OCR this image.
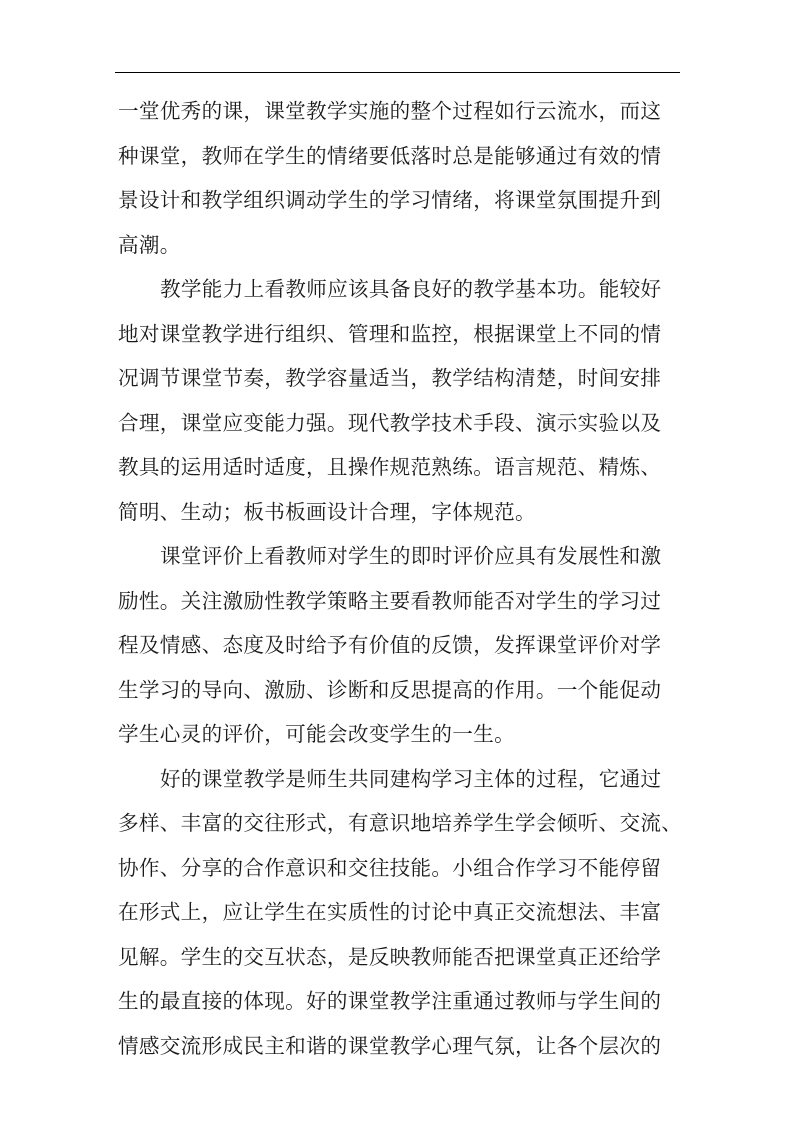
一堂优秀的课，课堂教学实施的整个过程如行云流水，而这
种课堂，教师在学生的情绪要低落时总是能够通过有效的情
景设计和教学组织调动学生的学习情绪，将课堂氛围提升到
高潮。
教学能力上看教师应该具备良好的教学基本功。能较好
地对课堂教学进行组织、管理和监控，根据课堂上不同的情
况调节课堂节奏，教学容量适当，教学结构清楚，时间安排
合理，课堂应变能力强。现代教学技术手段、演示实验以及
教具的运用适时适度，且操作规范熟练。语言规范、精炼、
简明、生动；板书板画设计合理，字体规范。
课堂评价上看教师对学生的即时评价应具有发展性和激
励性。关注激励性教学策略主要看教师能否对学生的学习过
程及情感、态度及时给予有价值的反馈，发挥课堂评价对学
生学习的导向、激励、诊断和反思提高的作用。一个能促动
学生心灵的评价，可能会改变学生的一生。
好的课堂教学是师生共同建构学习主体的过程，它通过
多样、丰富的交往形式，有意识地培养学生学会倾听、交流、
协作、分享的合作意识和交往技能。小组合作学习不能停留
在形式上，应让学生在实质性的讨论中真正交流想法、丰富
见解。学生的交互状态，是反映教师能否把课堂真正还给学
生的最直接的体现。好的课堂教学注重通过教师与学生间的
情感交流形成民主和谐的课堂教学心理气氛，让各个层次的
